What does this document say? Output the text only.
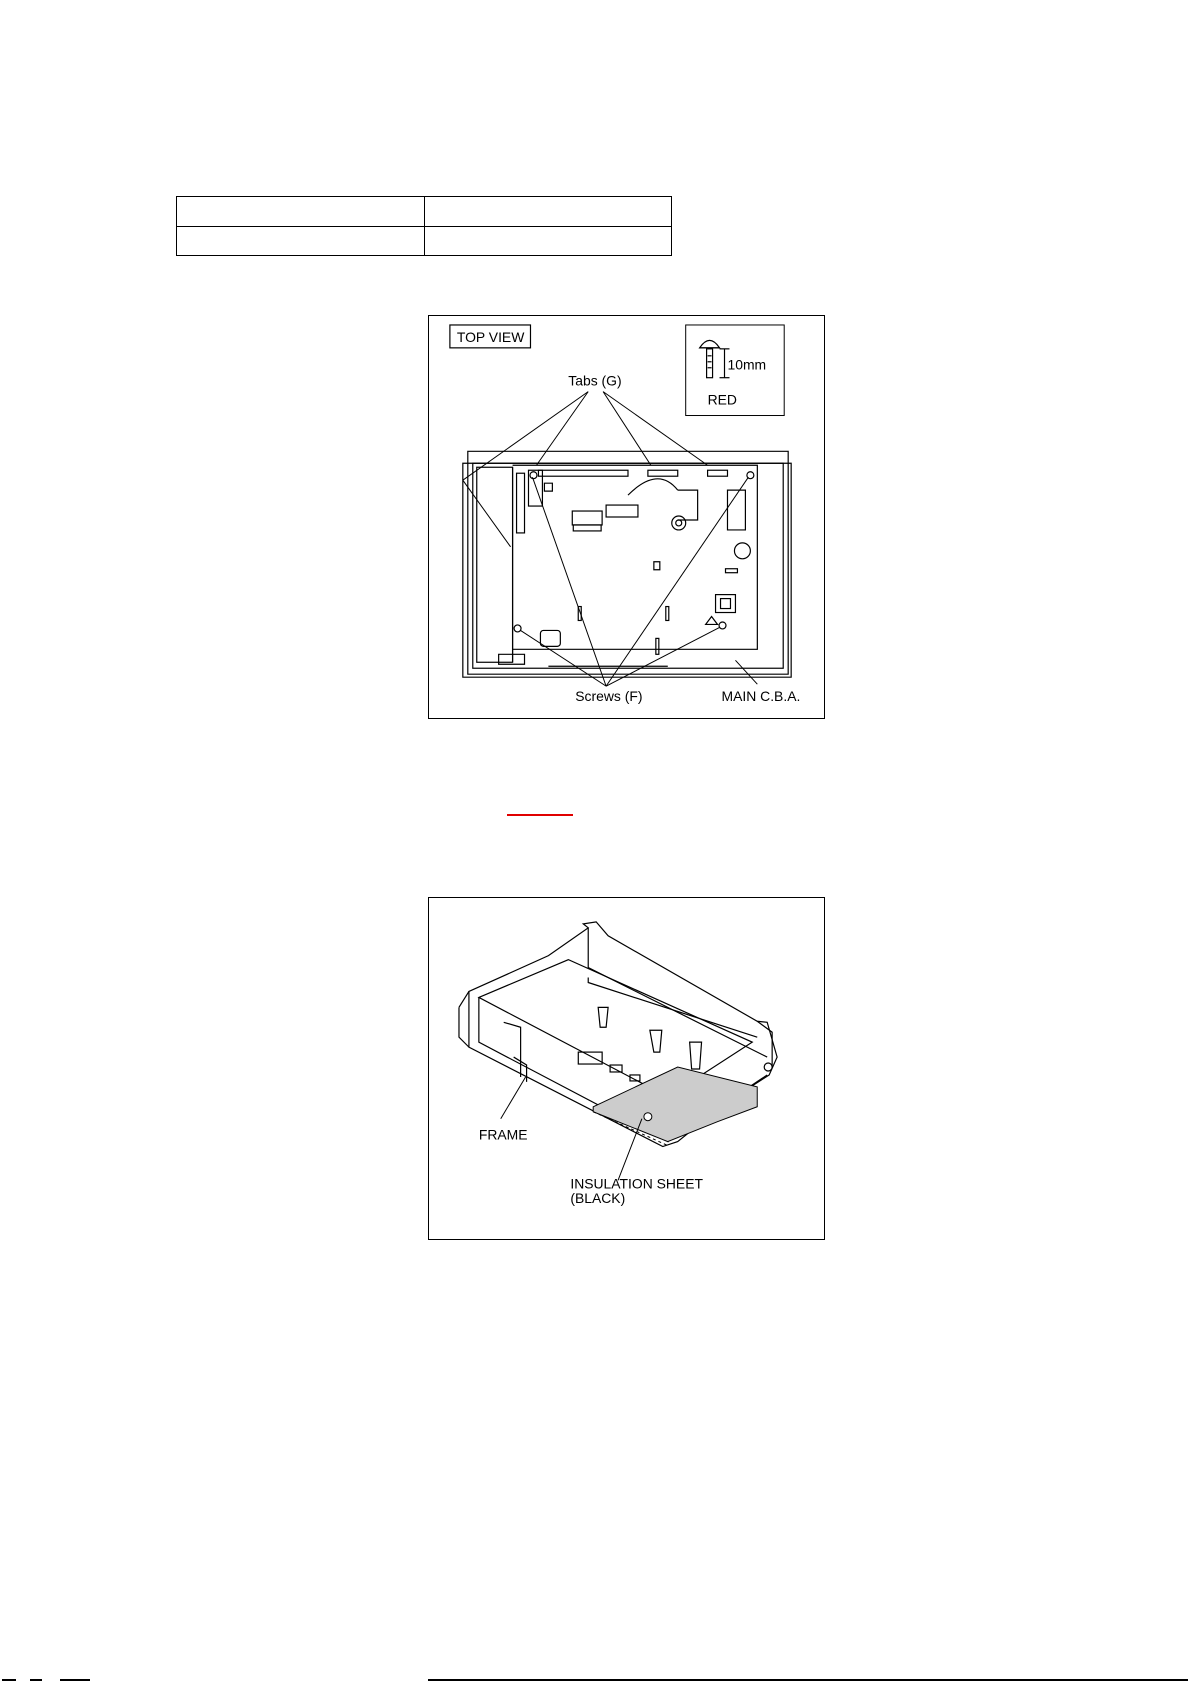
TOP VIEW
10mm
RED
Tabs (G)
Screws (F)	MAIN C.B.A.
FRAME
INSULATION SHEET
(BLACK)
